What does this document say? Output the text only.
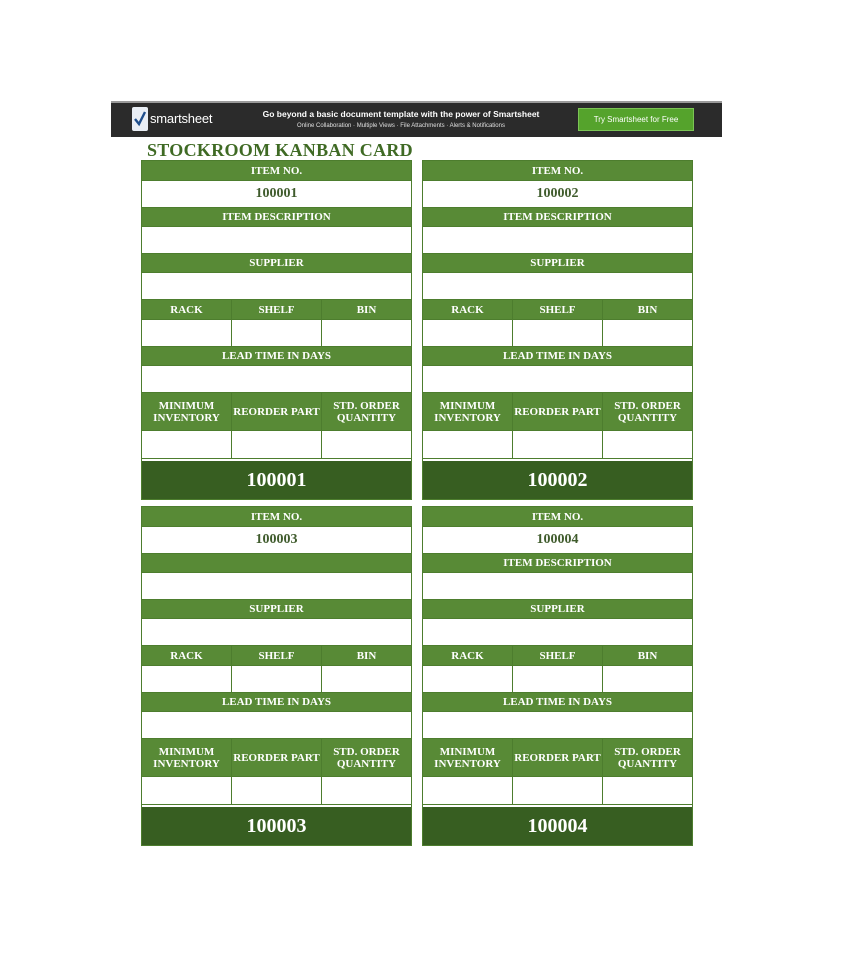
smartsheet	Go beyond a basic document template with the power of Smartsheet
Online Collaboration · Multiple Views · File Attachments · Alerts & Notifications
Try Smartsheet for Free
STOCKROOM KANBAN CARD
ITEM NO.
100001
ITEM DESCRIPTION
SUPPLIER
RACK	SHELF	BIN
LEAD TIME IN DAYS
MINIMUM INVENTORY	REORDER PART	STD. ORDER QUANTITY
100001
ITEM NO.
100002
ITEM DESCRIPTION
SUPPLIER
RACK	SHELF	BIN
LEAD TIME IN DAYS
MINIMUM INVENTORY	REORDER PART	STD. ORDER QUANTITY
100002
ITEM NO.
100003
SUPPLIER
RACK	SHELF	BIN
LEAD TIME IN DAYS
MINIMUM INVENTORY	REORDER PART	STD. ORDER QUANTITY
100003
ITEM NO.
100004
ITEM DESCRIPTION
SUPPLIER
RACK	SHELF	BIN
LEAD TIME IN DAYS
MINIMUM INVENTORY	REORDER PART	STD. ORDER QUANTITY
100004
